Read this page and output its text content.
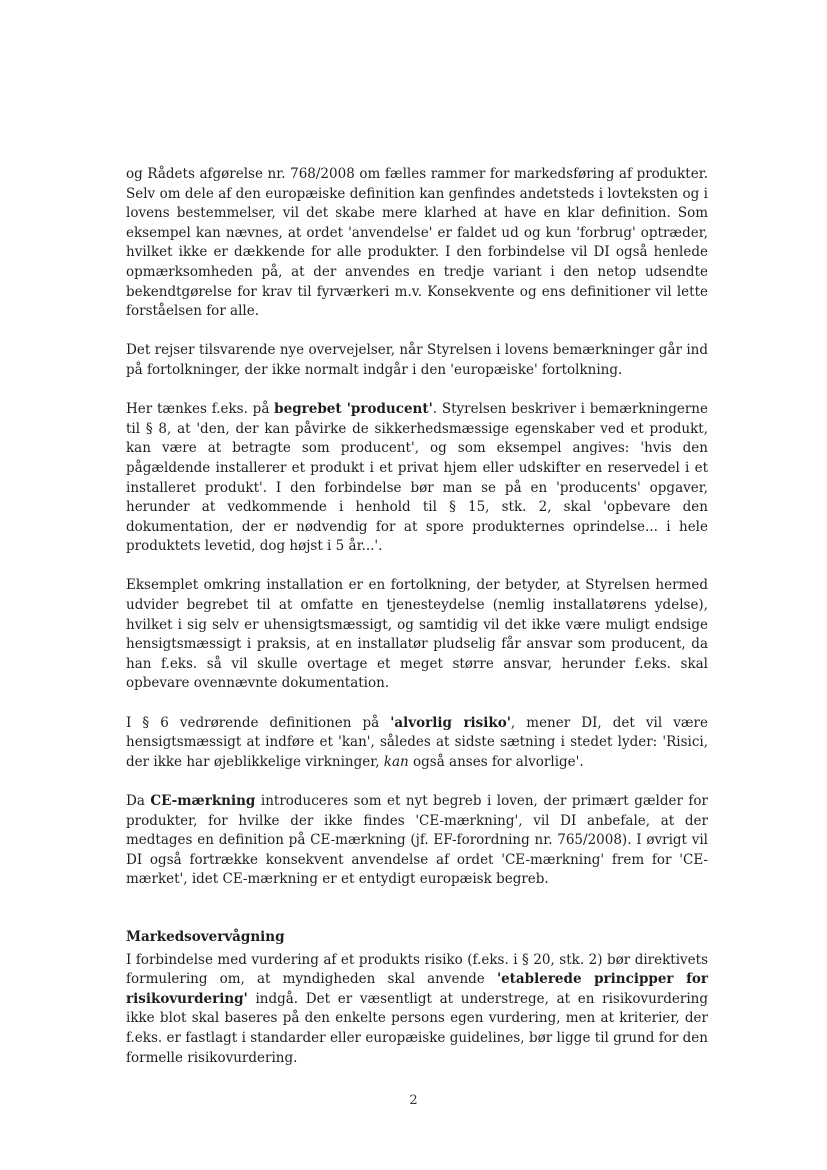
og Rådets afgørelse nr. 768/2008 om fælles rammer for markedsføring af produkter. Selv om dele af den europæiske definition kan genfindes andetsteds i lovteksten og i lovens bestemmelser, vil det skabe mere klarhed at have en klar definition. Som eksempel kan nævnes, at ordet 'anvendelse' er faldet ud og kun 'forbrug' optræder, hvilket ikke er dækkende for alle produkter. I den forbindelse vil DI også henlede opmærksomheden på, at der anvendes en tredje variant i den netop udsendte bekendtgørelse for krav til fyrværkeri m.v. Konsekvente og ens definitioner vil lette forståelsen for alle.

Det rejser tilsvarende nye overvejelser, når Styrelsen i lovens bemærkninger går ind på fortolkninger, der ikke normalt indgår i den 'europæiske' fortolkning.

Her tænkes f.eks. på begrebet 'producent'. Styrelsen beskriver i bemærkningerne til § 8, at 'den, der kan påvirke de sikkerhedsmæssige egenskaber ved et produkt, kan være at betragte som producent', og som eksempel angives: 'hvis den pågældende installerer et produkt i et privat hjem eller udskifter en reservedel i et installeret produkt'. I den forbindelse bør man se på en 'producents' opgaver, herunder at vedkommende i henhold til § 15, stk. 2, skal 'opbevare den dokumentation, der er nødvendig for at spore produkternes oprindelse... i hele produktets levetid, dog højst i 5 år...'.

Eksemplet omkring installation er en fortolkning, der betyder, at Styrelsen hermed udvider begrebet til at omfatte en tjenesteydelse (nemlig installatørens ydelse), hvilket i sig selv er uhensigtsmæssigt, og samtidig vil det ikke være muligt endsige hensigtsmæssigt i praksis, at en installatør pludselig får ansvar som producent, da han f.eks. så vil skulle overtage et meget større ansvar, herunder f.eks. skal opbevare ovennævnte dokumentation.

I § 6 vedrørende definitionen på 'alvorlig risiko', mener DI, det vil være hensigtsmæssigt at indføre et 'kan', således at sidste sætning i stedet lyder: 'Risici, der ikke har øjeblikkelige virkninger, kan også anses for alvorlige'.

Da CE-mærkning introduceres som et nyt begreb i loven, der primært gælder for produkter, for hvilke der ikke findes 'CE-mærkning', vil DI anbefale, at der medtages en definition på CE-mærkning (jf. EF-forordning nr. 765/2008). I øvrigt vil DI også fortrække konsekvent anvendelse af ordet 'CE-mærkning' frem for 'CE-mærket', idet CE-mærkning er et entydigt europæisk begreb.

Markedsovervågning

I forbindelse med vurdering af et produkts risiko (f.eks. i § 20, stk. 2) bør direktivets formulering om, at myndigheden skal anvende 'etablerede principper for risikovurdering' indgå. Det er væsentligt at understrege, at en risikovurdering ikke blot skal baseres på den enkelte persons egen vurdering, men at kriterier, der f.eks. er fastlagt i standarder eller europæiske guidelines, bør ligge til grund for den formelle risikovurdering.

2
